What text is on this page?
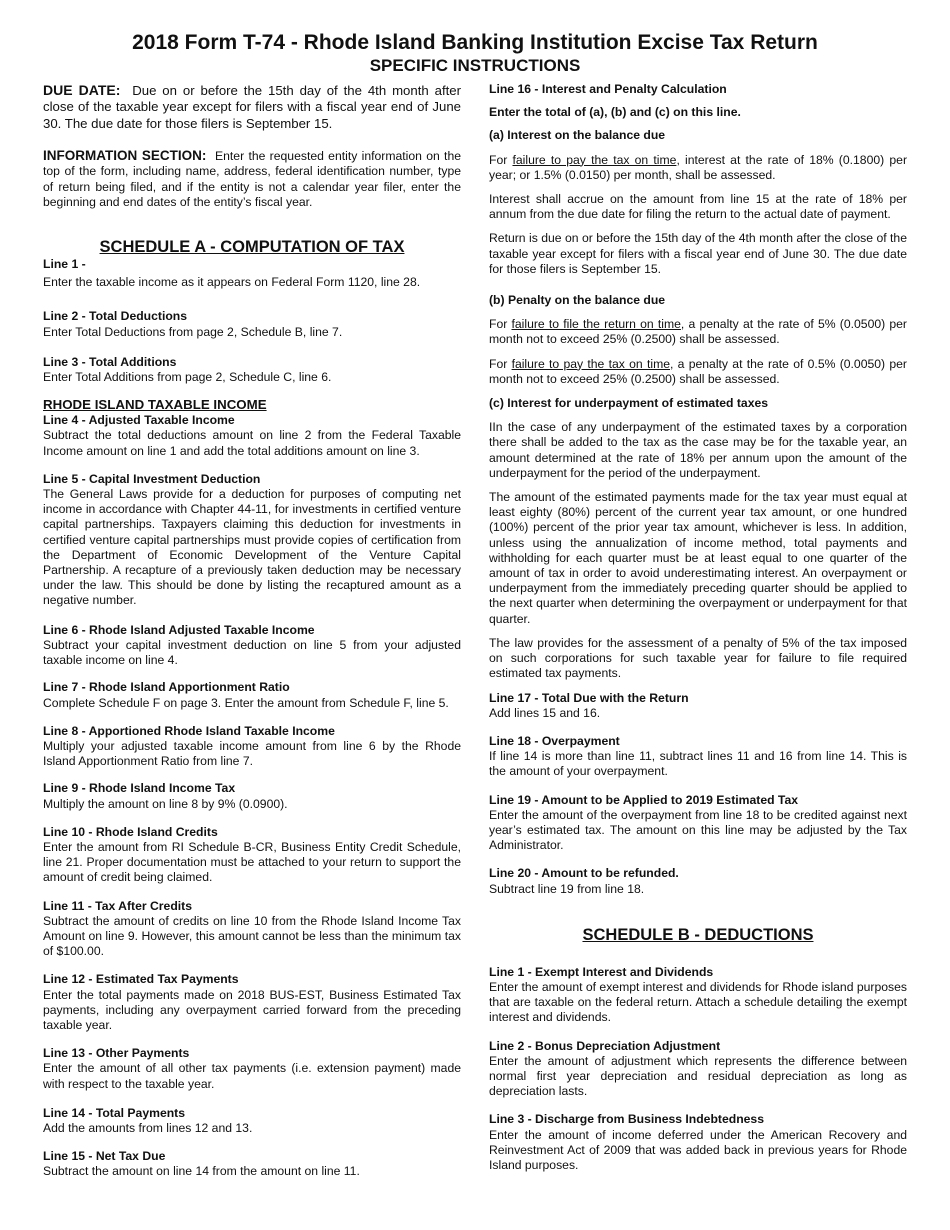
2018 Form T-74 - Rhode Island Banking Institution Excise Tax Return
SPECIFIC INSTRUCTIONS

DUE DATE: Due on or before the 15th day of the 4th month after close of the taxable year except for filers with a fiscal year end of June 30. The due date for those filers is September 15.

INFORMATION SECTION: Enter the requested entity information on the top of the form, including name, address, federal identification number, type of return being filed, and if the entity is not a calendar year filer, enter the beginning and end dates of the entity’s fiscal year.

SCHEDULE A - COMPUTATION OF TAX

Line 1 -

Enter the taxable income as it appears on Federal Form 1120, line 28.

Line 2 - Total Deductions

Enter Total Deductions from page 2, Schedule B, line 7.

Line 3 - Total Additions

Enter Total Additions from page 2, Schedule C, line 6.

RHODE ISLAND TAXABLE INCOME

Line 4 - Adjusted Taxable Income

Subtract the total deductions amount on line 2 from the Federal Taxable Income amount on line 1 and add the total additions amount on line 3.

Line 5 - Capital Investment Deduction

The General Laws provide for a deduction for purposes of computing net income in accordance with Chapter 44-11, for investments in certified venture capital partnerships. Taxpayers claiming this deduction for investments in certified venture capital partnerships must provide copies of certification from the Department of Economic Development of the Venture Capital Partnership. A recapture of a previously taken deduction may be necessary under the law. This should be done by listing the recaptured amount as a negative number.

Line 6 - Rhode Island Adjusted Taxable Income

Subtract your capital investment deduction on line 5 from your adjusted taxable income on line 4.

Line 7 - Rhode Island Apportionment Ratio

Complete Schedule F on page 3. Enter the amount from Schedule F, line 5.

Line 8 - Apportioned Rhode Island Taxable Income

Multiply your adjusted taxable income amount from line 6 by the Rhode Island Apportionment Ratio from line 7.

Line 9 - Rhode Island Income Tax

Multiply the amount on line 8 by 9% (0.0900).

Line 10 - Rhode Island Credits

Enter the amount from RI Schedule B-CR, Business Entity Credit Schedule, line 21. Proper documentation must be attached to your return to support the amount of credit being claimed.

Line 11 - Tax After Credits

Subtract the amount of credits on line 10 from the Rhode Island Income Tax Amount on line 9. However, this amount cannot be less than the minimum tax of $100.00.

Line 12 - Estimated Tax Payments

Enter the total payments made on 2018 BUS-EST, Business Estimated Tax payments, including any overpayment carried forward from the preceding taxable year.

Line 13 - Other Payments

Enter the amount of all other tax payments (i.e. extension payment) made with respect to the taxable year.

Line 14 - Total Payments

Add the amounts from lines 12 and 13.

Line 15 - Net Tax Due

Subtract the amount on line 14 from the amount on line 11.

Line 16 - Interest and Penalty Calculation

Enter the total of (a), (b) and (c) on this line.

(a) Interest on the balance due

For failure to pay the tax on time, interest at the rate of 18% (0.1800) per year; or 1.5% (0.0150) per month, shall be assessed.

Interest shall accrue on the amount from line 15 at the rate of 18% per annum from the due date for filing the return to the actual date of payment.

Return is due on or before the 15th day of the 4th month after the close of the taxable year except for filers with a fiscal year end of June 30. The due date for those filers is September 15.

(b) Penalty on the balance due

For failure to file the return on time, a penalty at the rate of 5% (0.0500) per month not to exceed 25% (0.2500) shall be assessed.

For failure to pay the tax on time, a penalty at the rate of 0.5% (0.0050) per month not to exceed 25% (0.2500) shall be assessed.

(c) Interest for underpayment of estimated taxes

IIn the case of any underpayment of the estimated taxes by a corporation there shall be added to the tax as the case may be for the taxable year, an amount determined at the rate of 18% per annum upon the amount of the underpayment for the period of the underpayment.

The amount of the estimated payments made for the tax year must equal at least eighty (80%) percent of the current year tax amount, or one hundred (100%) percent of the prior year tax amount, whichever is less. In addition, unless using the annualization of income method, total payments and withholding for each quarter must be at least equal to one quarter of the amount of tax in order to avoid underestimating interest. An overpayment or underpayment from the immediately preceding quarter should be applied to the next quarter when determining the overpayment or underpayment for that quarter.

The law provides for the assessment of a penalty of 5% of the tax imposed on such corporations for such taxable year for failure to file required estimated tax payments.

Line 17 - Total Due with the Return

Add lines 15 and 16.

Line 18 - Overpayment

If line 14 is more than line 11, subtract lines 11 and 16 from line 14. This is the amount of your overpayment.

Line 19 - Amount to be Applied to 2019 Estimated Tax

Enter the amount of the overpayment from line 18 to be credited against next year’s estimated tax. The amount on this line may be adjusted by the Tax Administrator.

Line 20 - Amount to be refunded.

Subtract line 19 from line 18.

SCHEDULE B - DEDUCTIONS

Line 1 - Exempt Interest and Dividends

Enter the amount of exempt interest and dividends for Rhode island purposes that are taxable on the federal return. Attach a schedule detailing the exempt interest and dividends.

Line 2 - Bonus Depreciation Adjustment

Enter the amount of adjustment which represents the difference between normal first year depreciation and residual depreciation as long as depreciation lasts.

Line 3 - Discharge from Business Indebtedness

Enter the amount of income deferred under the American Recovery and Reinvestment Act of 2009 that was added back in previous years for Rhode Island purposes.
